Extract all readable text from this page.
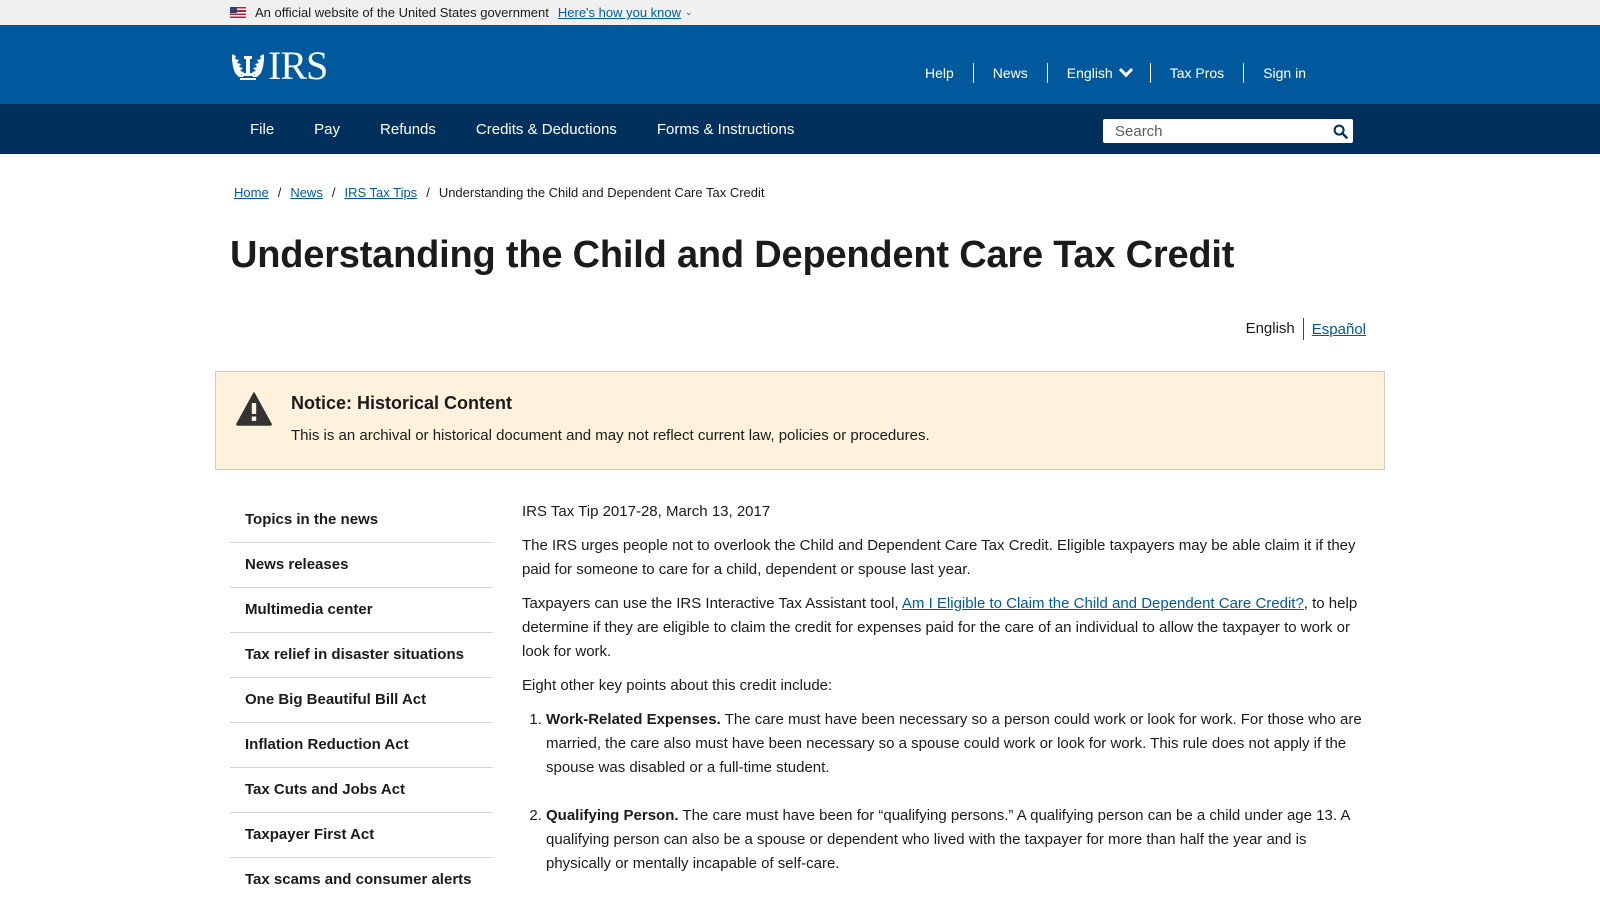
An official website of the United States government Here's how you know ⌄
IRS	Help	News	English	Tax Pros	Sign in
File	Pay	Refunds	Credits & Deductions	Forms & Instructions
Search
Home / News / IRS Tax Tips / Understanding the Child and Dependent Care Tax Credit
Understanding the Child and Dependent Care Tax Credit
English	Español
Notice: Historical Content
This is an archival or historical document and may not reflect current law, policies or procedures.
Topics in the news
News releases
Multimedia center
Tax relief in disaster situations
One Big Beautiful Bill Act
Inflation Reduction Act
Tax Cuts and Jobs Act
Taxpayer First Act
Tax scams and consumer alerts

IRS Tax Tip 2017-28, March 13, 2017

The IRS urges people not to overlook the Child and Dependent Care Tax Credit. Eligible taxpayers may be able claim it if they paid for someone to care for a child, dependent or spouse last year.

Taxpayers can use the IRS Interactive Tax Assistant tool, Am I Eligible to Claim the Child and Dependent Care Credit?, to help determine if they are eligible to claim the credit for expenses paid for the care of an individual to allow the taxpayer to work or look for work.

Eight other key points about this credit include:

1. Work-Related Expenses. The care must have been necessary so a person could work or look for work. For those who are married, the care also must have been necessary so a spouse could work or look for work. This rule does not apply if the spouse was disabled or a full-time student.
2. Qualifying Person. The care must have been for “qualifying persons.” A qualifying person can be a child under age 13. A qualifying person can also be a spouse or dependent who lived with the taxpayer for more than half the year and is physically or mentally incapable of self-care.
